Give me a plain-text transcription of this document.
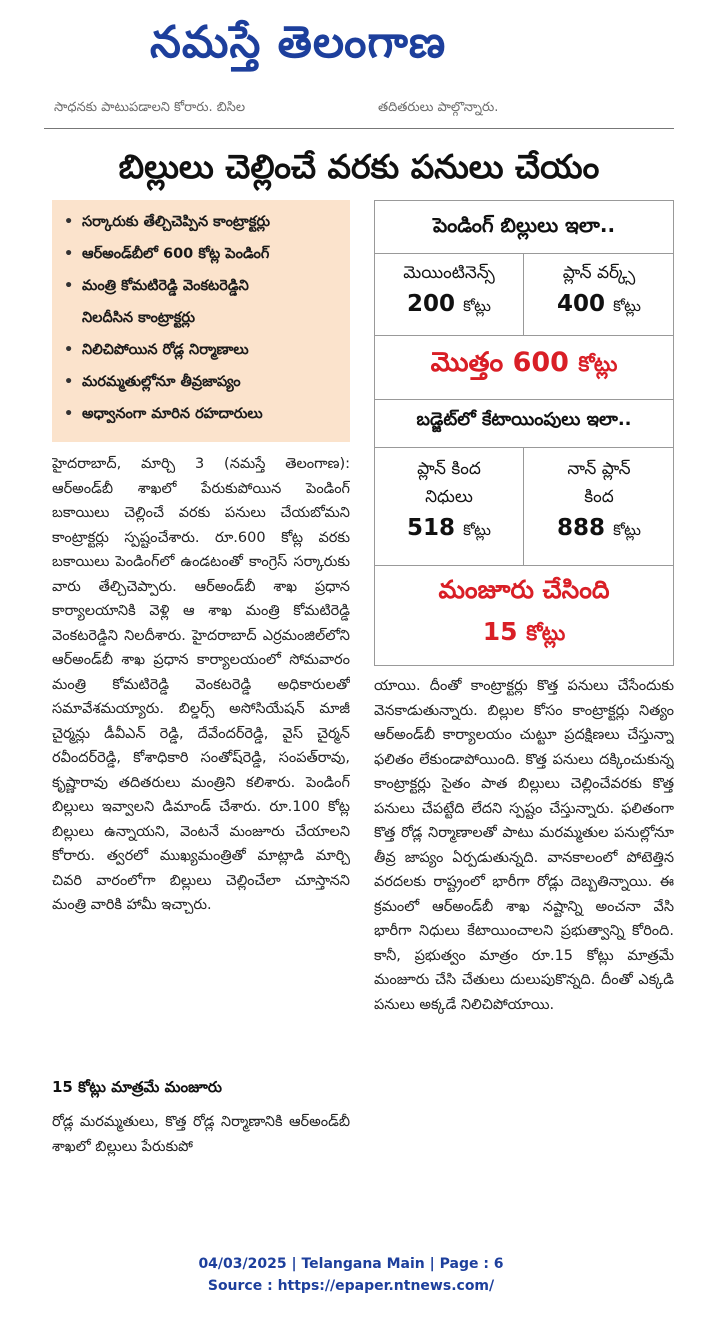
నమస్తే తెలంగాణ
సాధనకు పాటుపడాలని కోరారు. బిసిల	తదితరులు పాల్గొన్నారు.
బిల్లులు చెల్లించే వరకు పనులు చేయం
• సర్కారుకు తేల్చిచెప్పిన కాంట్రాక్టర్లు
• ఆర్‌అండ్‌బీలో 600 కోట్ల పెండింగ్
• మంత్రి కోమటిరెడ్డి వెంకటరెడ్డిని
నిలదీసిన కాంట్రాక్టర్లు
• నిలిచిపోయిన రోడ్ల నిర్మాణాలు
• మరమ్మతుల్లోనూ తీవ్రజాప్యం
• అధ్వానంగా మారిన రహదారులు
పెండింగ్ బిల్లులు ఇలా..
మెయింటినెన్స్
200 కోట్లు
ప్లాన్ వర్క్స్
400 కోట్లు
మొత్తం 600 కోట్లు
బడ్జెట్‌లో కేటాయింపులు ఇలా..
ప్లాన్ కింద
నిధులు
518 కోట్లు
నాన్ ప్లాన్
కింద
888 కోట్లు
మంజూరు చేసింది
15 కోట్లు

హైదరాబాద్, మార్చి 3 (నమస్తే తెలంగాణ): ఆర్‌అండ్‌బీ శాఖలో పేరుకుపోయిన పెండింగ్ బకాయిలు చెల్లించే వరకు పనులు చేయబోమని కాంట్రాక్టర్లు స్పష్టంచేశారు. రూ.600 కోట్ల వరకు బకాయిలు పెండింగ్‌లో ఉండటంతో కాంగ్రెస్ సర్కారుకు వారు తేల్చిచెప్పారు. ఆర్‌అండ్‌బీ శాఖ ప్రధాన కార్యాలయానికి వెళ్లి ఆ శాఖ మంత్రి కోమటిరెడ్డి వెంకటరెడ్డిని నిలదీశారు. హైదరాబాద్ ఎర్రమంజిల్‌లోని ఆర్‌అండ్‌బీ శాఖ ప్రధాన కార్యాలయంలో సోమవారం మంత్రి కోమటిరెడ్డి వెంకటరెడ్డి అధికారులతో సమావేశమయ్యారు. బిల్డర్స్ అసోసియేషన్ మాజీ చైర్మన్లు డీవీఎన్ రెడ్డి, దేవేందర్‌రెడ్డి, వైస్ చైర్మన్ రవీందర్‌రెడ్డి, కోశాధికారి సంతోష్‌రెడ్డి, సంపత్‌రావు, కృష్ణారావు తదితరులు మంత్రిని కలిశారు. పెండింగ్ బిల్లులు ఇవ్వాలని డిమాండ్ చేశారు. రూ.100 కోట్ల బిల్లులు ఉన్నాయని, వెంటనే మంజూరు చేయాలని కోరారు. త్వరలో ముఖ్యమంత్రితో మాట్లాడి మార్చి చివరి వారంలోగా బిల్లులు చెల్లించేలా చూస్తానని మంత్రి వారికి హామీ ఇచ్చారు.

15 కోట్లు మాత్రమే మంజూరు

రోడ్ల మరమ్మతులు, కొత్త రోడ్ల నిర్మాణానికి ఆర్‌అండ్‌బీ శాఖలో బిల్లులు పేరుకుపో

యాయి. దీంతో కాంట్రాక్టర్లు కొత్త పనులు చేసేందుకు వెనకాడుతున్నారు. బిల్లుల కోసం కాంట్రాక్టర్లు నిత్యం ఆర్‌అండ్‌బీ కార్యాలయం చుట్టూ ప్రదక్షిణలు చేస్తున్నా ఫలితం లేకుండాపోయింది. కొత్త పనులు దక్కించుకున్న కాంట్రాక్టర్లు సైతం పాత బిల్లులు చెల్లించేవరకు కొత్త పనులు చేపట్టేది లేదని స్పష్టం చేస్తున్నారు. ఫలితంగా కొత్త రోడ్ల నిర్మాణాలతో పాటు మరమ్మతుల పనుల్లోనూ తీవ్ర జాప్యం ఏర్పడుతున్నది. వానకాలంలో పోటెత్తిన వరదలకు రాష్ట్రంలో భారీగా రోడ్లు దెబ్బతిన్నాయి. ఈ క్రమంలో ఆర్‌అండ్‌బీ శాఖ నష్టాన్ని అంచనా వేసి భారీగా నిధులు కేటాయించాలని ప్రభుత్వాన్ని కోరింది. కానీ, ప్రభుత్వం మాత్రం రూ.15 కోట్లు మాత్రమే మంజూరు చేసి చేతులు దులుపుకొన్నది. దీంతో ఎక్కడి పనులు అక్కడే నిలిచిపోయాయి.

04/03/2025 | Telangana Main | Page : 6
Source : https://epaper.ntnews.com/
